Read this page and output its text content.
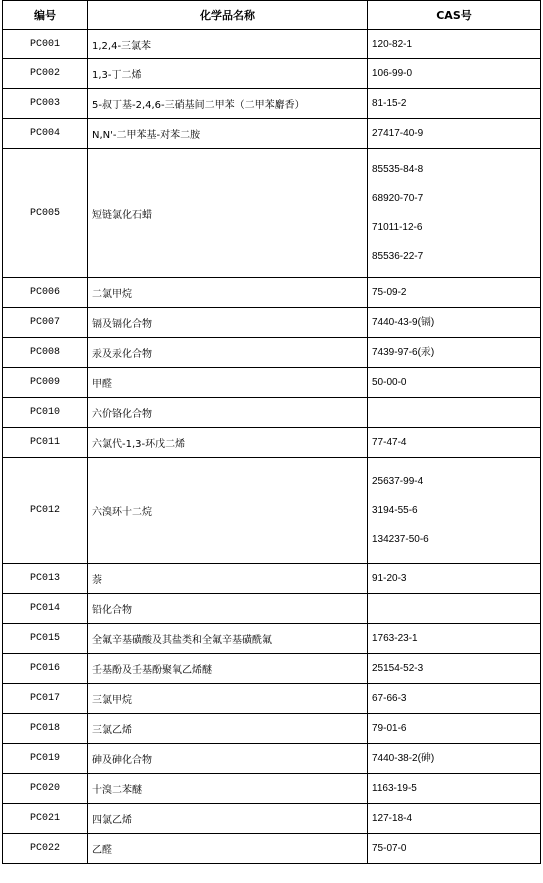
编号	化学品名称	CAS号
PC001	1,2,4-三氯苯	120-82-1

PC002	1,3-丁二烯	106-99-0

PC003	5-叔丁基-2,4,6-三硝基间二甲苯（二甲苯麝香）	81-15-2

PC004	N,N'-二甲苯基-对苯二胺	27417-40-9

PC005	短链氯化石蜡	85535-84-8
68920-70-7
71011-12-6
85536-22-7

PC006	二氯甲烷	75-09-2

PC007	镉及镉化合物	7440-43-9(镉)

PC008	汞及汞化合物	7439-97-6(汞)

PC009	甲醛	50-00-0

PC010	六价铬化合物	

PC011	六氯代-1,3-环戊二烯	77-47-4

PC012	六溴环十二烷	25637-99-4
3194-55-6
134237-50-6

PC013	萘	91-20-3

PC014	铅化合物	

PC015	全氟辛基磺酸及其盐类和全氟辛基磺酰氟	1763-23-1

PC016	壬基酚及壬基酚聚氧乙烯醚	25154-52-3

PC017	三氯甲烷	67-66-3

PC018	三氯乙烯	79-01-6

PC019	砷及砷化合物	7440-38-2(砷)

PC020	十溴二苯醚	1163-19-5

PC021	四氯乙烯	127-18-4

PC022	乙醛	75-07-0
